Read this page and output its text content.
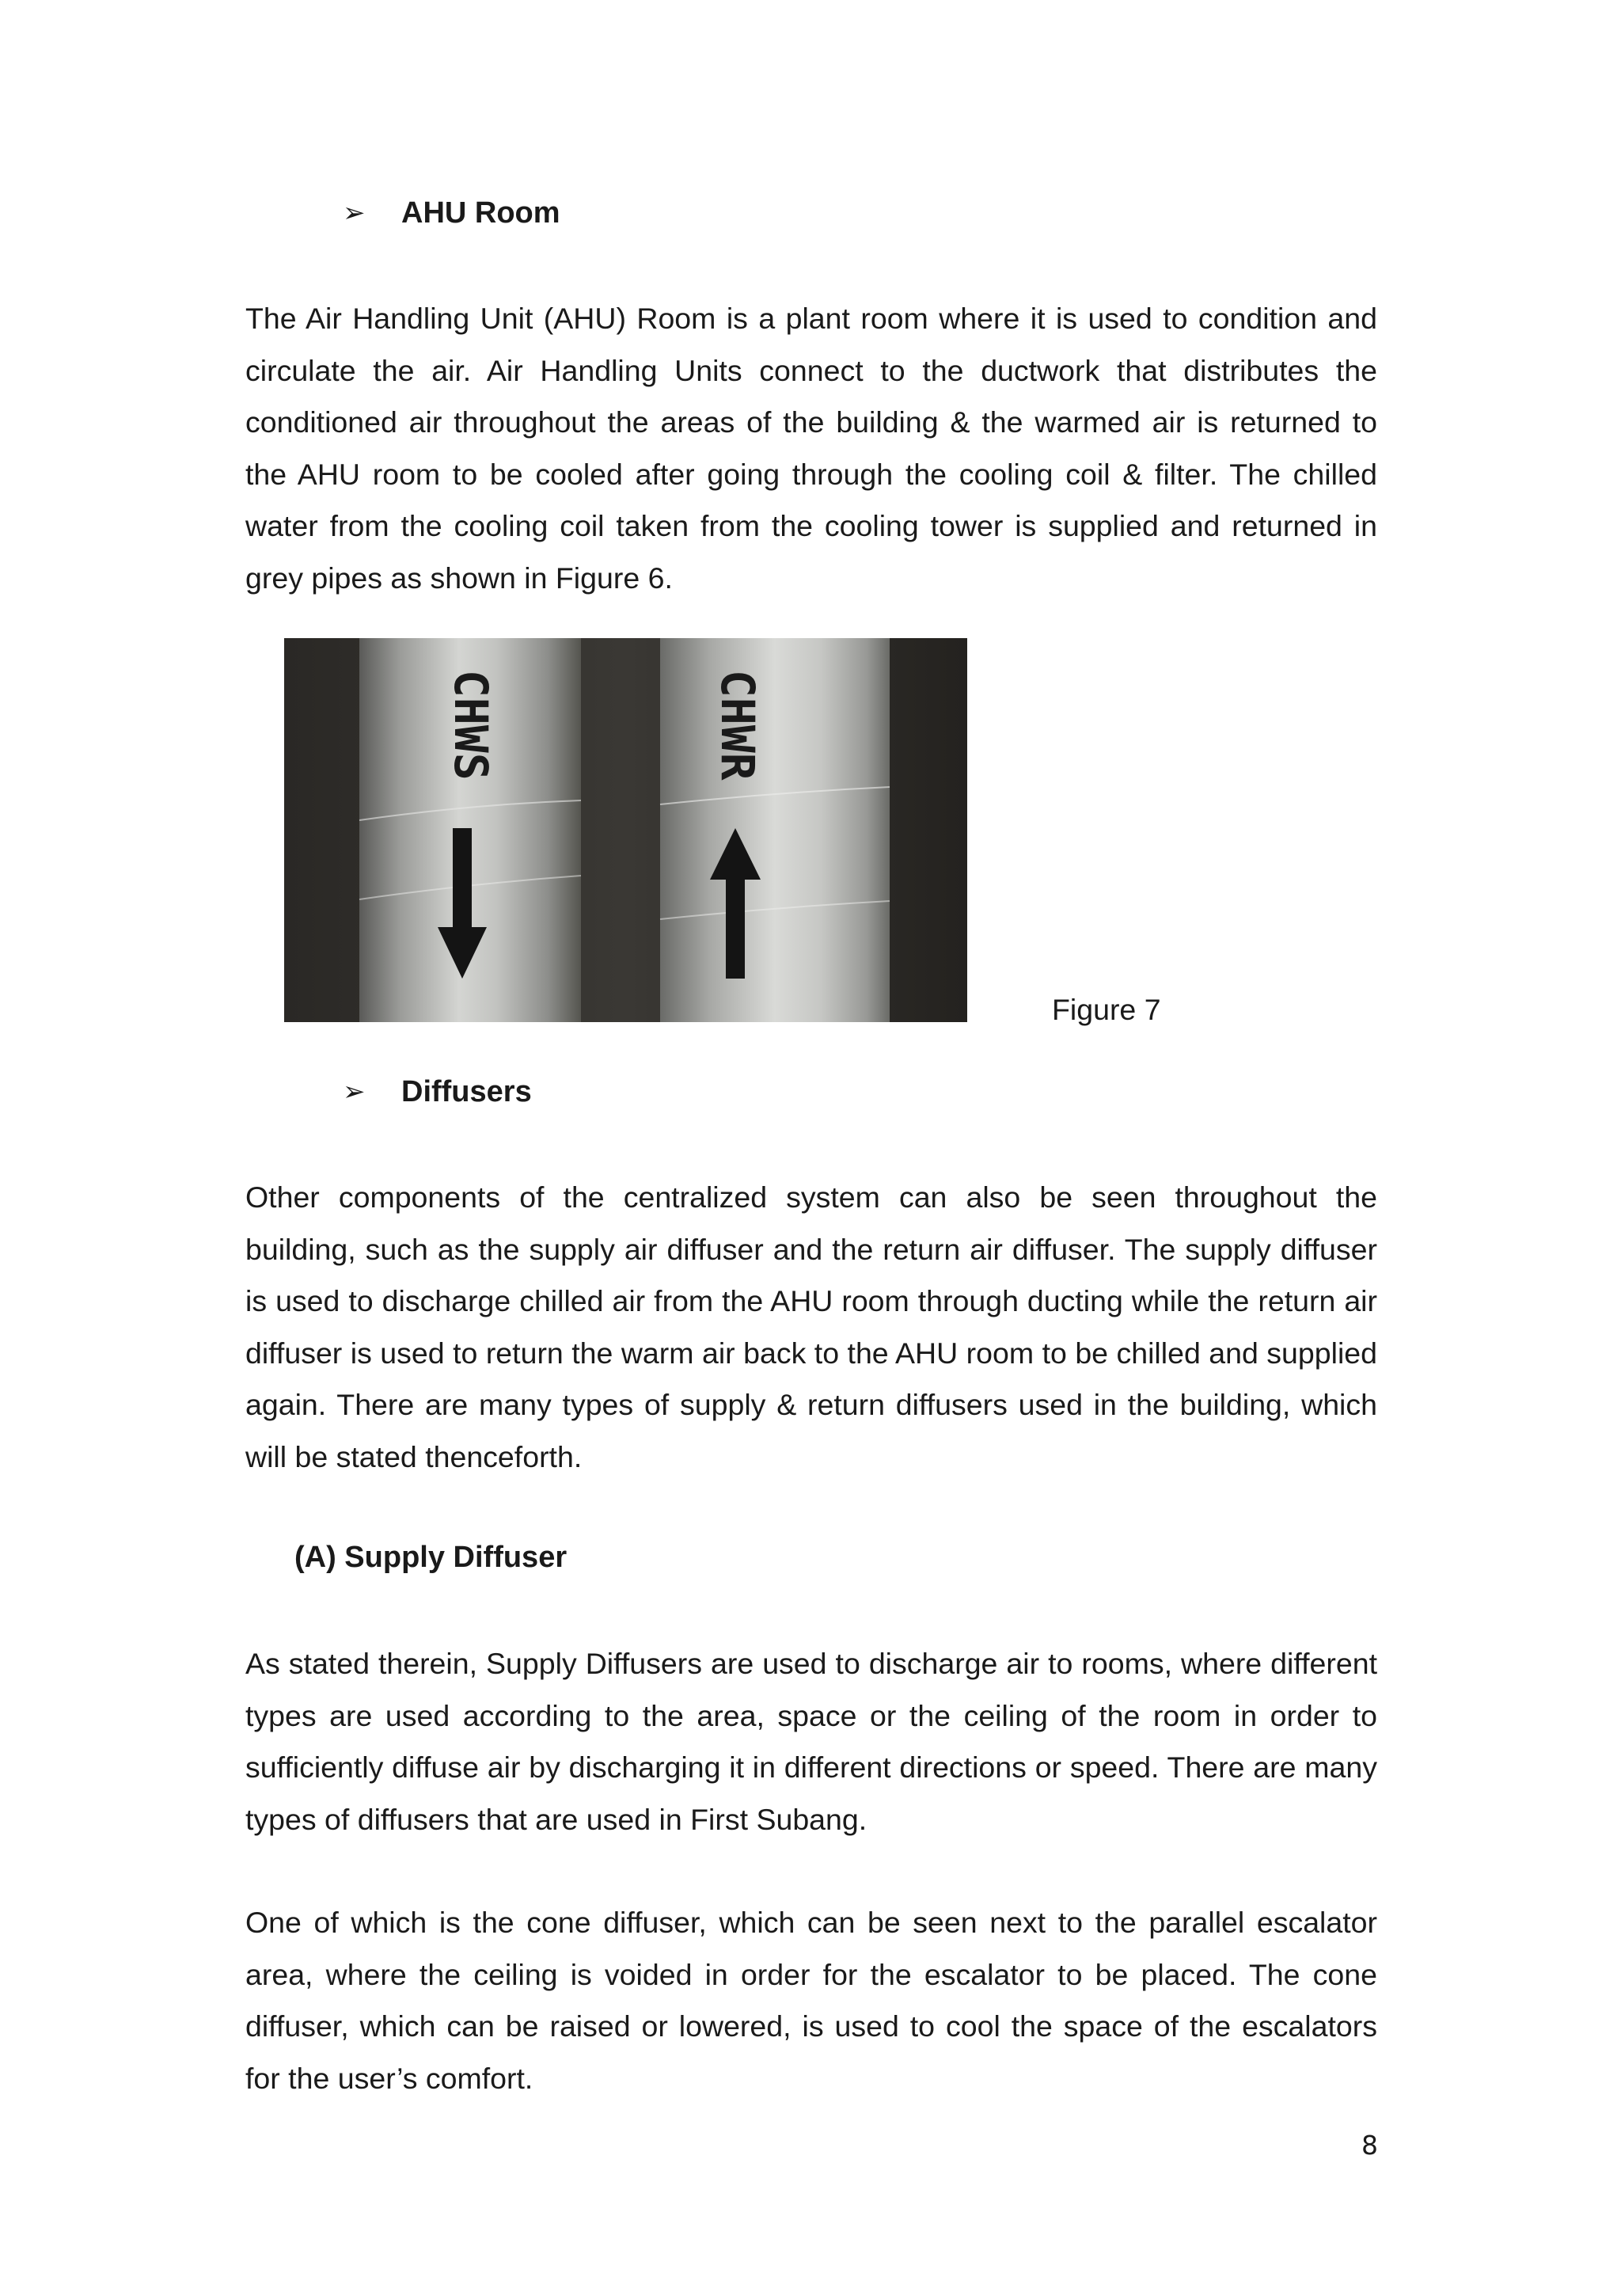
➢	AHU Room

The Air Handling Unit (AHU) Room is a plant room where it is used to condition and circulate the air. Air Handling Units connect to the ductwork that distributes the conditioned air throughout the areas of the building & the warmed air is returned to the AHU room to be cooled after going through the cooling coil & filter. The chilled water from the cooling coil taken from the cooling tower is supplied and returned in grey pipes as shown in Figure 6.

CHWS	CHWR
Figure 7
➢	Diffusers

Other components of the centralized system can also be seen throughout the building, such as the supply air diffuser and the return air diffuser. The supply diffuser is used to discharge chilled air from the AHU room through ducting while the return air diffuser is used to return the warm air back to the AHU room to be chilled and supplied again. There are many types of supply & return diffusers used in the building, which will be stated thenceforth.

(A) Supply Diffuser

As stated therein, Supply Diffusers are used to discharge air to rooms, where different types are used according to the area, space or the ceiling of the room in order to sufficiently diffuse air by discharging it in different directions or speed. There are many types of diffusers that are used in First Subang.

One of which is the cone diffuser, which can be seen next to the parallel escalator area, where the ceiling is voided in order for the escalator to be placed. The cone diffuser, which can be raised or lowered, is used to cool the space of the escalators for the user’s comfort.

8
